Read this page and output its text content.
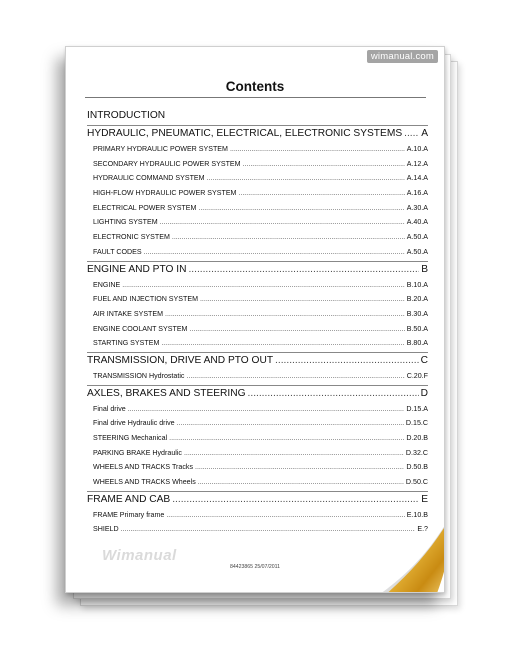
wimanual.com
Contents
INTRODUCTION
HYDRAULIC, PNEUMATIC, ELECTRICAL, ELECTRONIC SYSTEMS ..... A
PRIMARY HYDRAULIC POWER SYSTEM .....	A.10.A
SECONDARY HYDRAULIC POWER SYSTEM .....	A.12.A
HYDRAULIC COMMAND SYSTEM .....	A.14.A
HIGH-FLOW HYDRAULIC POWER SYSTEM .....	A.16.A
ELECTRICAL POWER SYSTEM .....	A.30.A
LIGHTING SYSTEM .....	A.40.A
ELECTRONIC SYSTEM .....	A.50.A
FAULT CODES .....	A.50.A
ENGINE AND PTO IN .....	B
ENGINE .....	B.10.A
FUEL AND INJECTION SYSTEM .....	B.20.A
AIR INTAKE SYSTEM .....	B.30.A
ENGINE COOLANT SYSTEM .....	B.50.A
STARTING SYSTEM .....	B.80.A
TRANSMISSION, DRIVE AND PTO OUT .....	C
TRANSMISSION Hydrostatic .....	C.20.F
AXLES, BRAKES AND STEERING .....	D
Final drive .....	D.15.A
Final drive Hydraulic drive .....	D.15.C
STEERING Mechanical .....	D.20.B
PARKING BRAKE Hydraulic .....	D.32.C
WHEELS AND TRACKS Tracks .....	D.50.B
WHEELS AND TRACKS Wheels .....	D.50.C
FRAME AND CAB .....	E
FRAME Primary frame .....	E.10.B
SHIELD .....	E.?
Wimanual
84423865 25/07/2011
